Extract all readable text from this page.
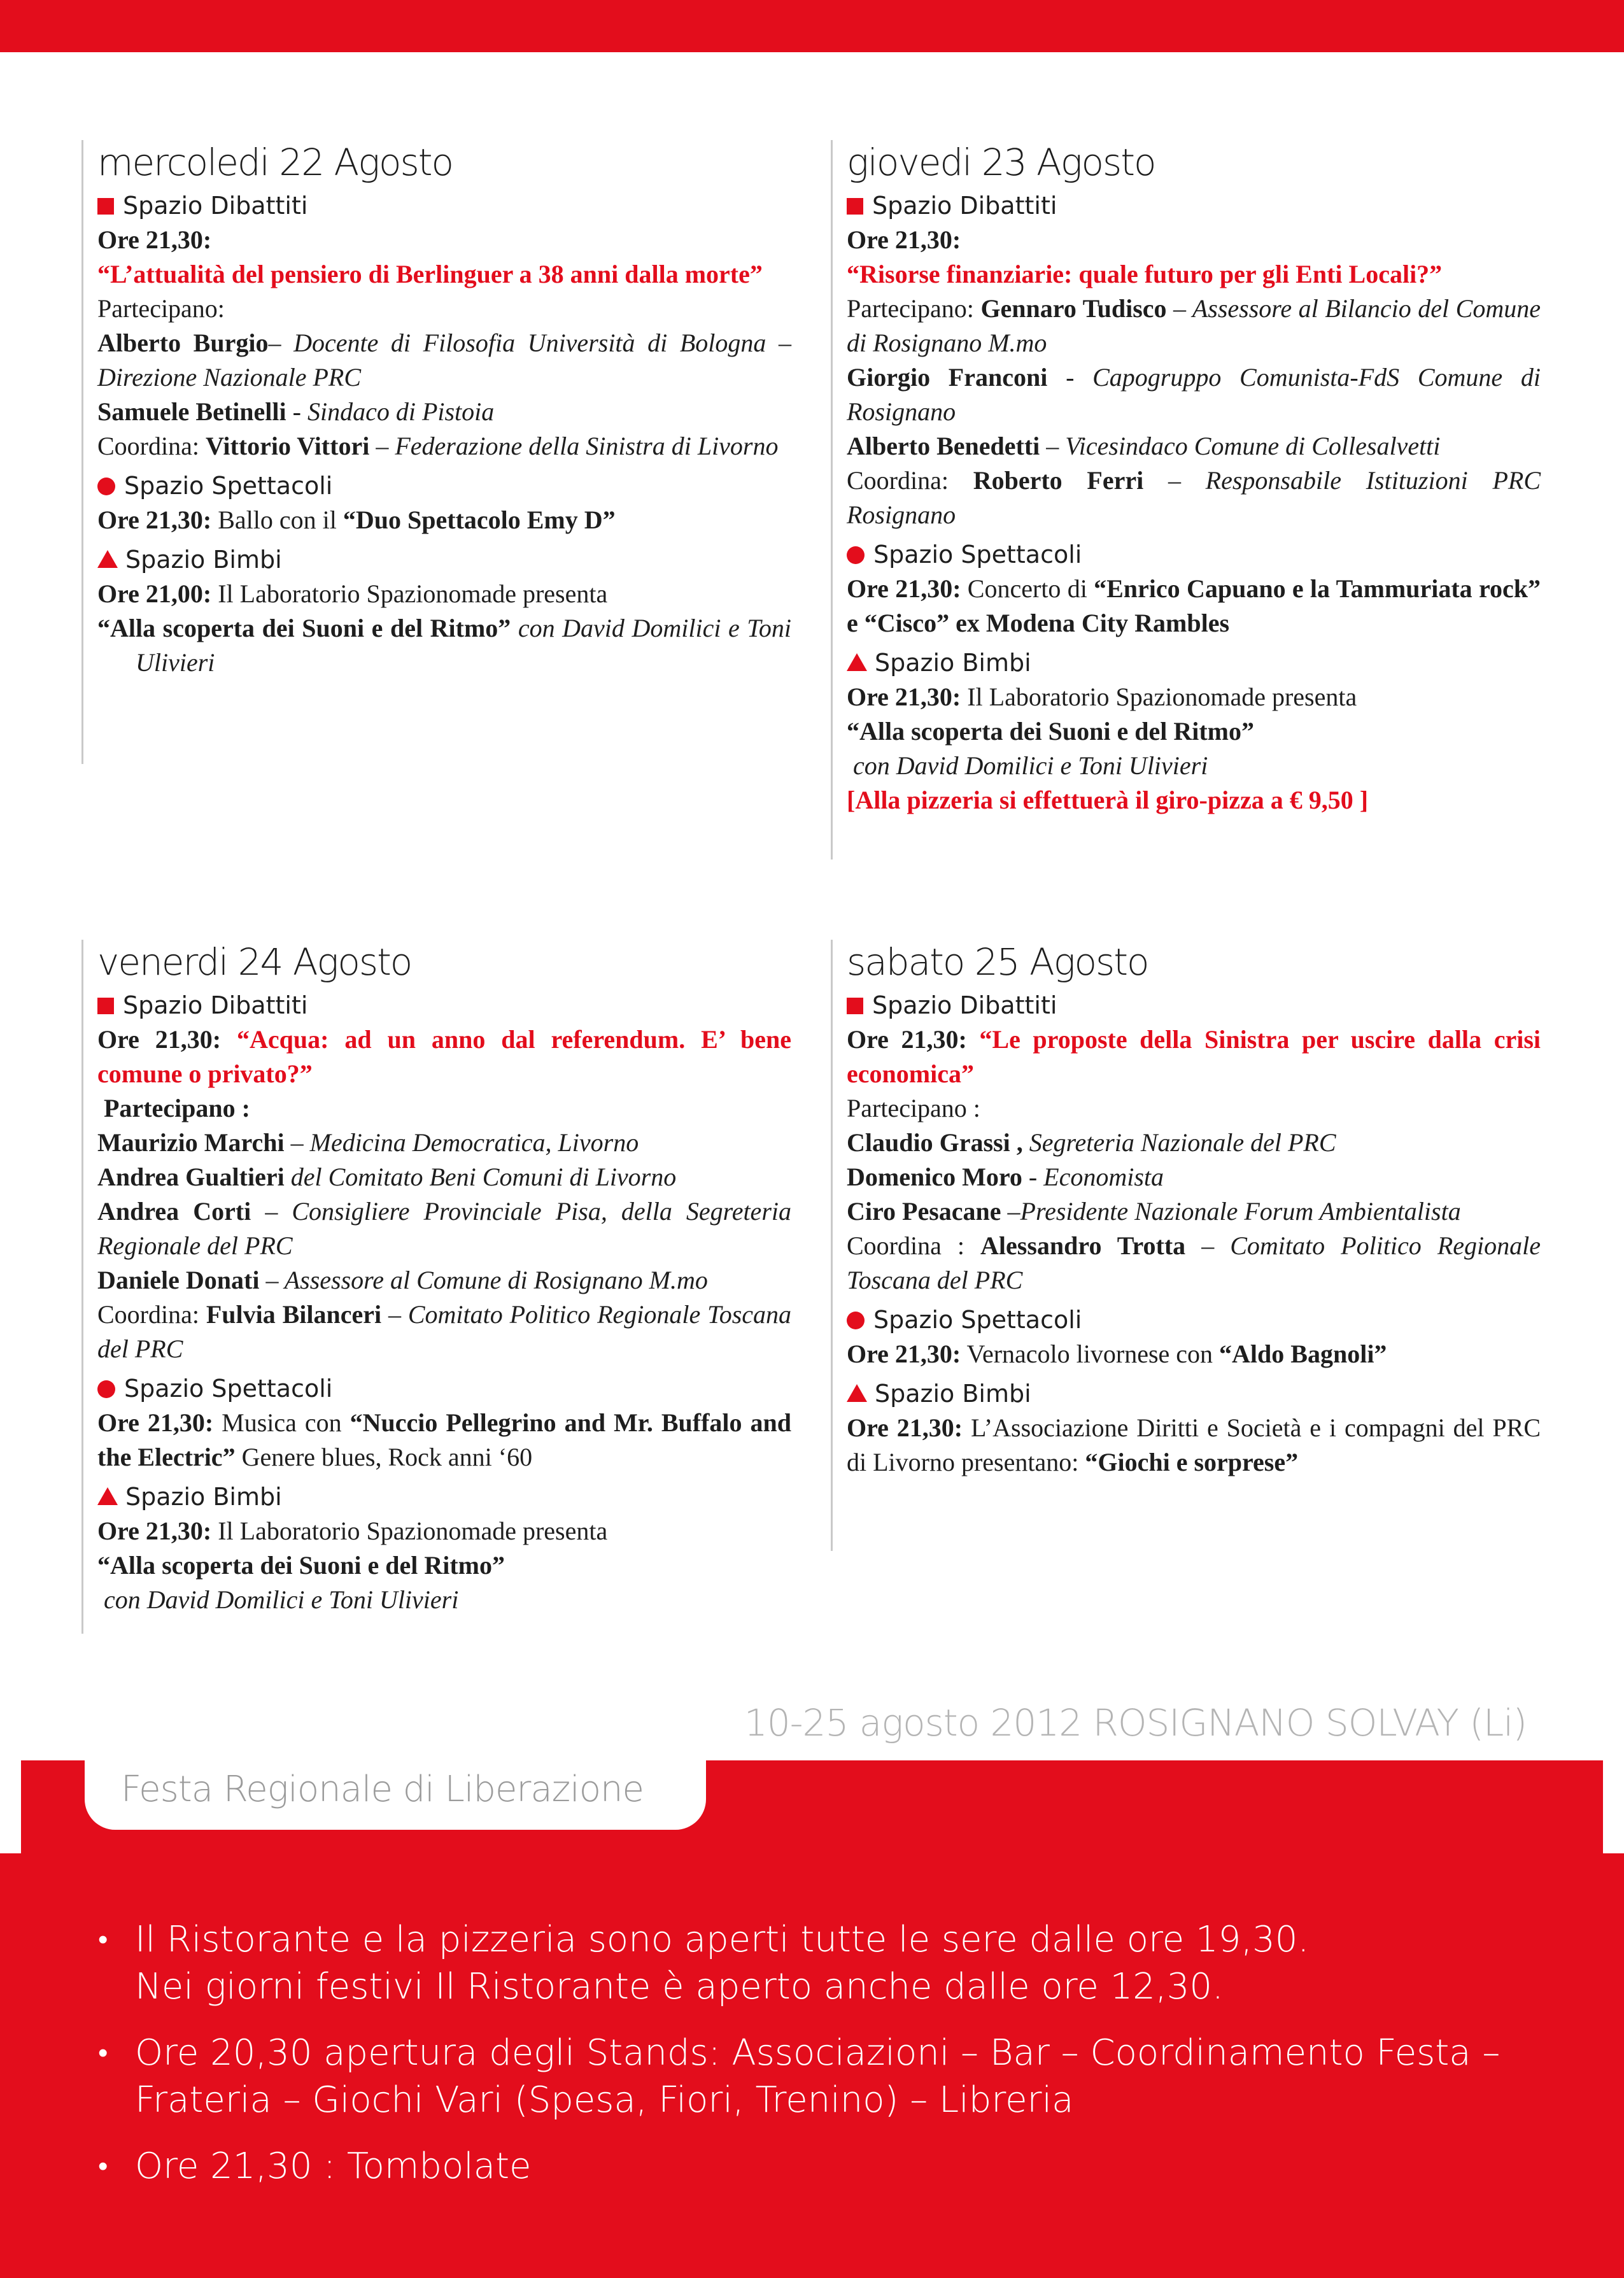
mercoledi 22 Agosto
Spazio Dibattiti
Ore 21,30:
“L’attualità del pensiero di Berlinguer a 38 anni dalla morte”
Partecipano:
Alberto Burgio– Docente di Filosofia Università di Bologna – Direzione Nazionale PRC
Samuele Betinelli - Sindaco di Pistoia
Coordina: Vittorio Vittori – Federazione della Sinistra di Livorno
Spazio Spettacoli
Ore 21,30: Ballo con il “Duo Spettacolo Emy D”
Spazio Bimbi
Ore 21,00: Il Laboratorio Spazionomade presenta
“Alla scoperta dei Suoni e del Ritmo” con David Domilici e Toni Ulivieri
giovedi 23 Agosto
Spazio Dibattiti
Ore 21,30:
“Risorse finanziarie: quale futuro per gli Enti Locali?”
Partecipano: Gennaro Tudisco – Assessore al Bilancio del Comune di Rosignano M.mo
Giorgio Franconi - Capogruppo Comunista-FdS Comune di Rosignano
Alberto Benedetti – Vicesindaco Comune di Collesalvetti
Coordina: Roberto Ferri – Responsabile Istituzioni PRC Rosignano
Spazio Spettacoli
Ore 21,30: Concerto di “Enrico Capuano e la Tammuriata rock” e “Cisco” ex Modena City Rambles
Spazio Bimbi
Ore 21,30: Il Laboratorio Spazionomade presenta
“Alla scoperta dei Suoni e del Ritmo”
con David Domilici e Toni Ulivieri
[Alla pizzeria si effettuerà il giro-pizza a € 9,50 ]
venerdi 24 Agosto
Spazio Dibattiti
Ore 21,30: “Acqua: ad un anno dal referendum. E’ bene comune o privato?”
Partecipano :
Maurizio Marchi – Medicina Democratica, Livorno
Andrea Gualtieri del Comitato Beni Comuni di Livorno
Andrea Corti – Consigliere Provinciale Pisa, della Segreteria Regionale del PRC
Daniele Donati – Assessore al Comune di Rosignano M.mo
Coordina: Fulvia Bilanceri – Comitato Politico Regionale Toscana del PRC
Spazio Spettacoli
Ore 21,30: Musica con “Nuccio Pellegrino and Mr. Buffalo and the Electric” Genere blues, Rock anni ‘60
Spazio Bimbi
Ore 21,30: Il Laboratorio Spazionomade presenta
“Alla scoperta dei Suoni e del Ritmo”
con David Domilici e Toni Ulivieri
sabato 25 Agosto
Spazio Dibattiti
Ore 21,30: “Le proposte della Sinistra per uscire dalla crisi economica”
Partecipano :
Claudio Grassi , Segreteria Nazionale del PRC
Domenico Moro - Economista
Ciro Pesacane –Presidente Nazionale Forum Ambientalista
Coordina : Alessandro Trotta – Comitato Politico Regionale Toscana del PRC
Spazio Spettacoli
Ore 21,30: Vernacolo livornese con “Aldo Bagnoli”
Spazio Bimbi
Ore 21,30: L’Associazione Diritti e Società e i compagni del PRC di Livorno presentano: “Giochi e sorprese”
10-25 agosto 2012 ROSIGNANO SOLVAY (Li)
Festa Regionale di Liberazione
• Il Ristorante e la pizzeria sono aperti tutte le sere dalle ore 19,30.
Nei giorni festivi Il Ristorante è aperto anche dalle ore 12,30.
• Ore 20,30 apertura degli Stands: Associazioni – Bar – Coordinamento Festa –
Frateria – Giochi Vari (Spesa, Fiori, Trenino) – Libreria
• Ore 21,30 : Tombolate
